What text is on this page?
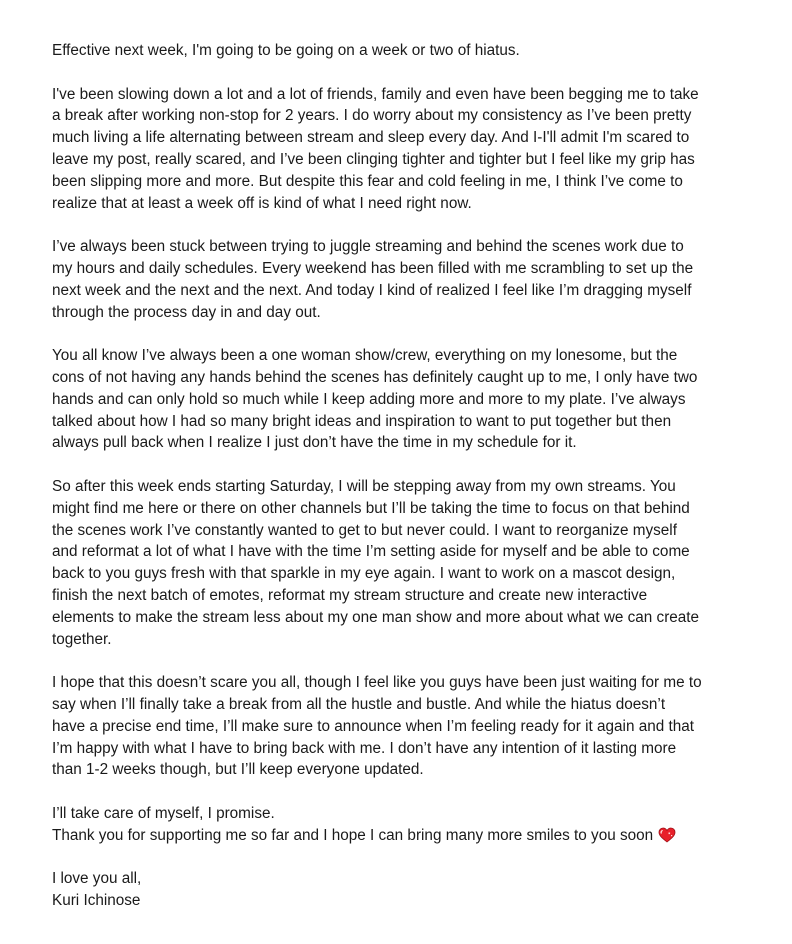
Effective next week, I'm going to be going on a week or two of hiatus.

I've been slowing down a lot and a lot of friends, family and even have been begging me to take
a break after working non-stop for 2 years. I do worry about my consistency as I’ve been pretty
much living a life alternating between stream and sleep every day. And I-I'll admit I'm scared to
leave my post, really scared, and I’ve been clinging tighter and tighter but I feel like my grip has
been slipping more and more. But despite this fear and cold feeling in me, I think I’ve come to
realize that at least a week off is kind of what I need right now.

I’ve always been stuck between trying to juggle streaming and behind the scenes work due to
my hours and daily schedules. Every weekend has been filled with me scrambling to set up the
next week and the next and the next. And today I kind of realized I feel like I’m dragging myself
through the process day in and day out.

You all know I’ve always been a one woman show/crew, everything on my lonesome, but the
cons of not having any hands behind the scenes has definitely caught up to me, I only have two
hands and can only hold so much while I keep adding more and more to my plate. I’ve always
talked about how I had so many bright ideas and inspiration to want to put together but then
always pull back when I realize I just don’t have the time in my schedule for it.

So after this week ends starting Saturday, I will be stepping away from my own streams. You
might find me here or there on other channels but I’ll be taking the time to focus on that behind
the scenes work I’ve constantly wanted to get to but never could. I want to reorganize myself
and reformat a lot of what I have with the time I’m setting aside for myself and be able to come
back to you guys fresh with that sparkle in my eye again. I want to work on a mascot design,
finish the next batch of emotes, reformat my stream structure and create new interactive
elements to make the stream less about my one man show and more about what we can create
together.

I hope that this doesn’t scare you all, though I feel like you guys have been just waiting for me to
say when I’ll finally take a break from all the hustle and bustle. And while the hiatus doesn’t
have a precise end time, I’ll make sure to announce when I’m feeling ready for it again and that
I’m happy with what I have to bring back with me. I don’t have any intention of it lasting more
than 1-2 weeks though, but I’ll keep everyone updated.

I’ll take care of myself, I promise.
Thank you for supporting me so far and I hope I can bring many more smiles to you soon

I love you all,
Kuri Ichinose
